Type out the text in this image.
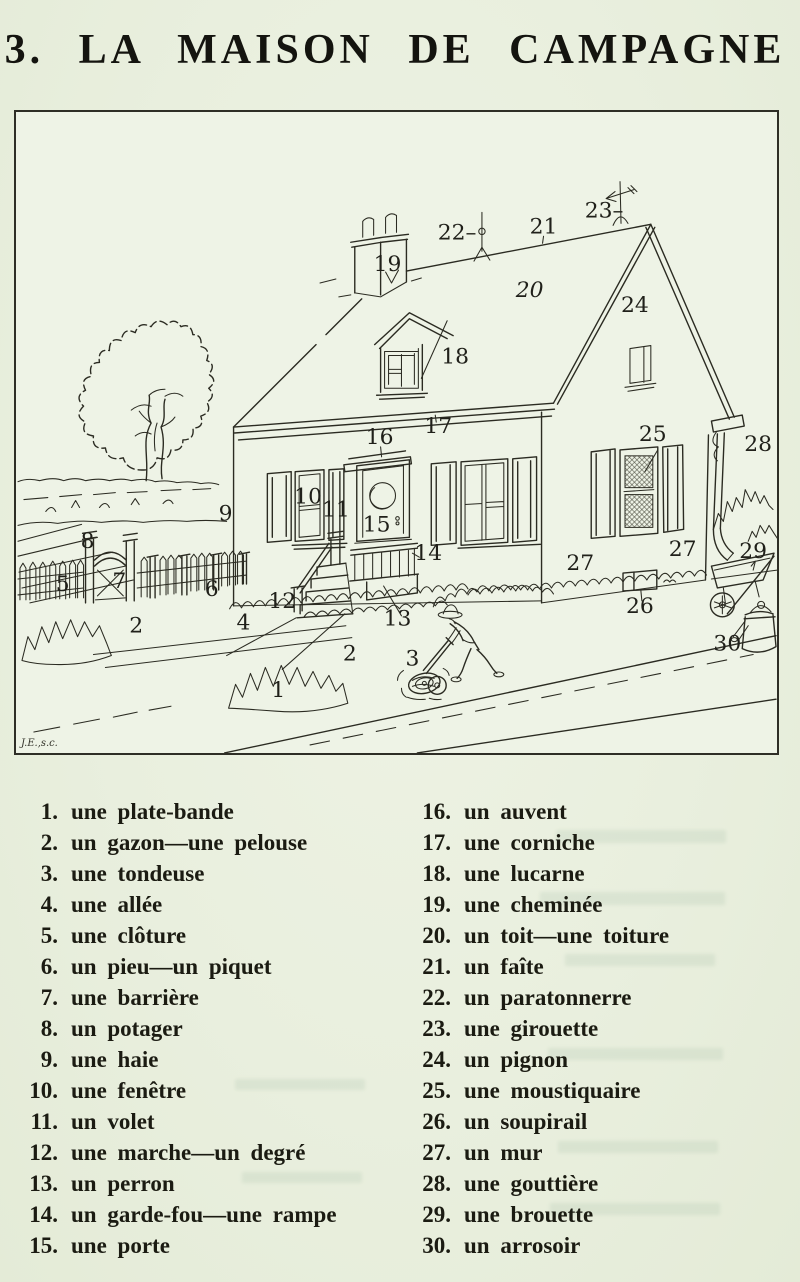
3. LA MAISON DE CAMPAGNE
19
22– 21
23–
20
24
18
17
16	25	28
9
10
11
15
8
5 7	6
14
12
27
27 29
26
2	4	13
2 3
30
1
J.E.,s.c.
1. une plate-bande
2. un gazon—une pelouse
3. une tondeuse
4. une allée
5. une clôture
6. un pieu—un piquet
7. une barrière
8. un potager
9. une haie
10. une fenêtre
11. un volet
12. une marche—un degré
13. un perron
14. un garde-fou—une rampe
15. une porte
16. un auvent
17. une corniche
18. une lucarne
19. une cheminée
20. un toit—une toiture
21. un faîte
22. un paratonnerre
23. une girouette
24. un pignon
25. une moustiquaire
26. un soupirail
27. un mur
28. une gouttière
29. une brouette
30. un arrosoir
